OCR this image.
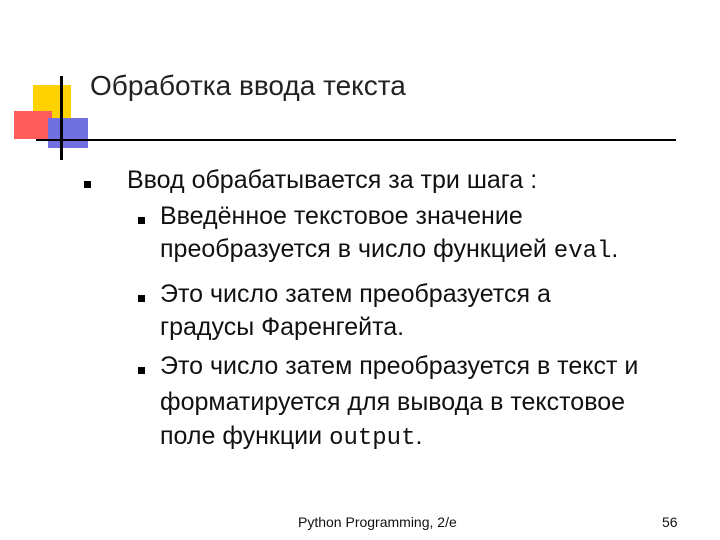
Обработка ввода текста
Ввод обрабатывается за три шага :
Введённое текстовое значение
преобразуется в число функцией eval.
Это число затем преобразуется а
градусы Фаренгейта.
Это число затем преобразуется в текст и
форматируется для вывода в текстовое
поле функции output.
Python Programming, 2/e	56
